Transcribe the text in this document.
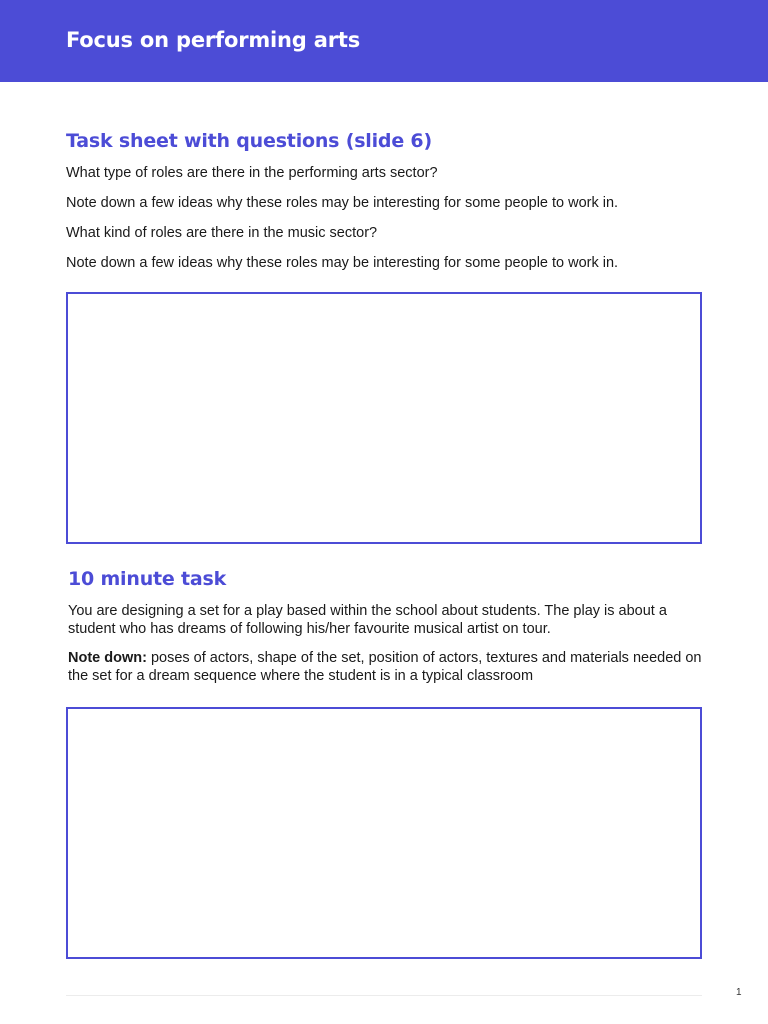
Focus on performing arts
Task sheet with questions (slide 6)

What type of roles are there in the performing arts sector?

Note down a few ideas why these roles may be interesting for some people to work in.

What kind of roles are there in the music sector?

Note down a few ideas why these roles may be interesting for some people to work in.

10 minute task

You are designing a set for a play based within the school about students. The play is about a student who has dreams of following his/her favourite musical artist on tour.

Note down: poses of actors, shape of the set, position of actors, textures and materials needed on the set for a dream sequence where the student is in a typical classroom

1
